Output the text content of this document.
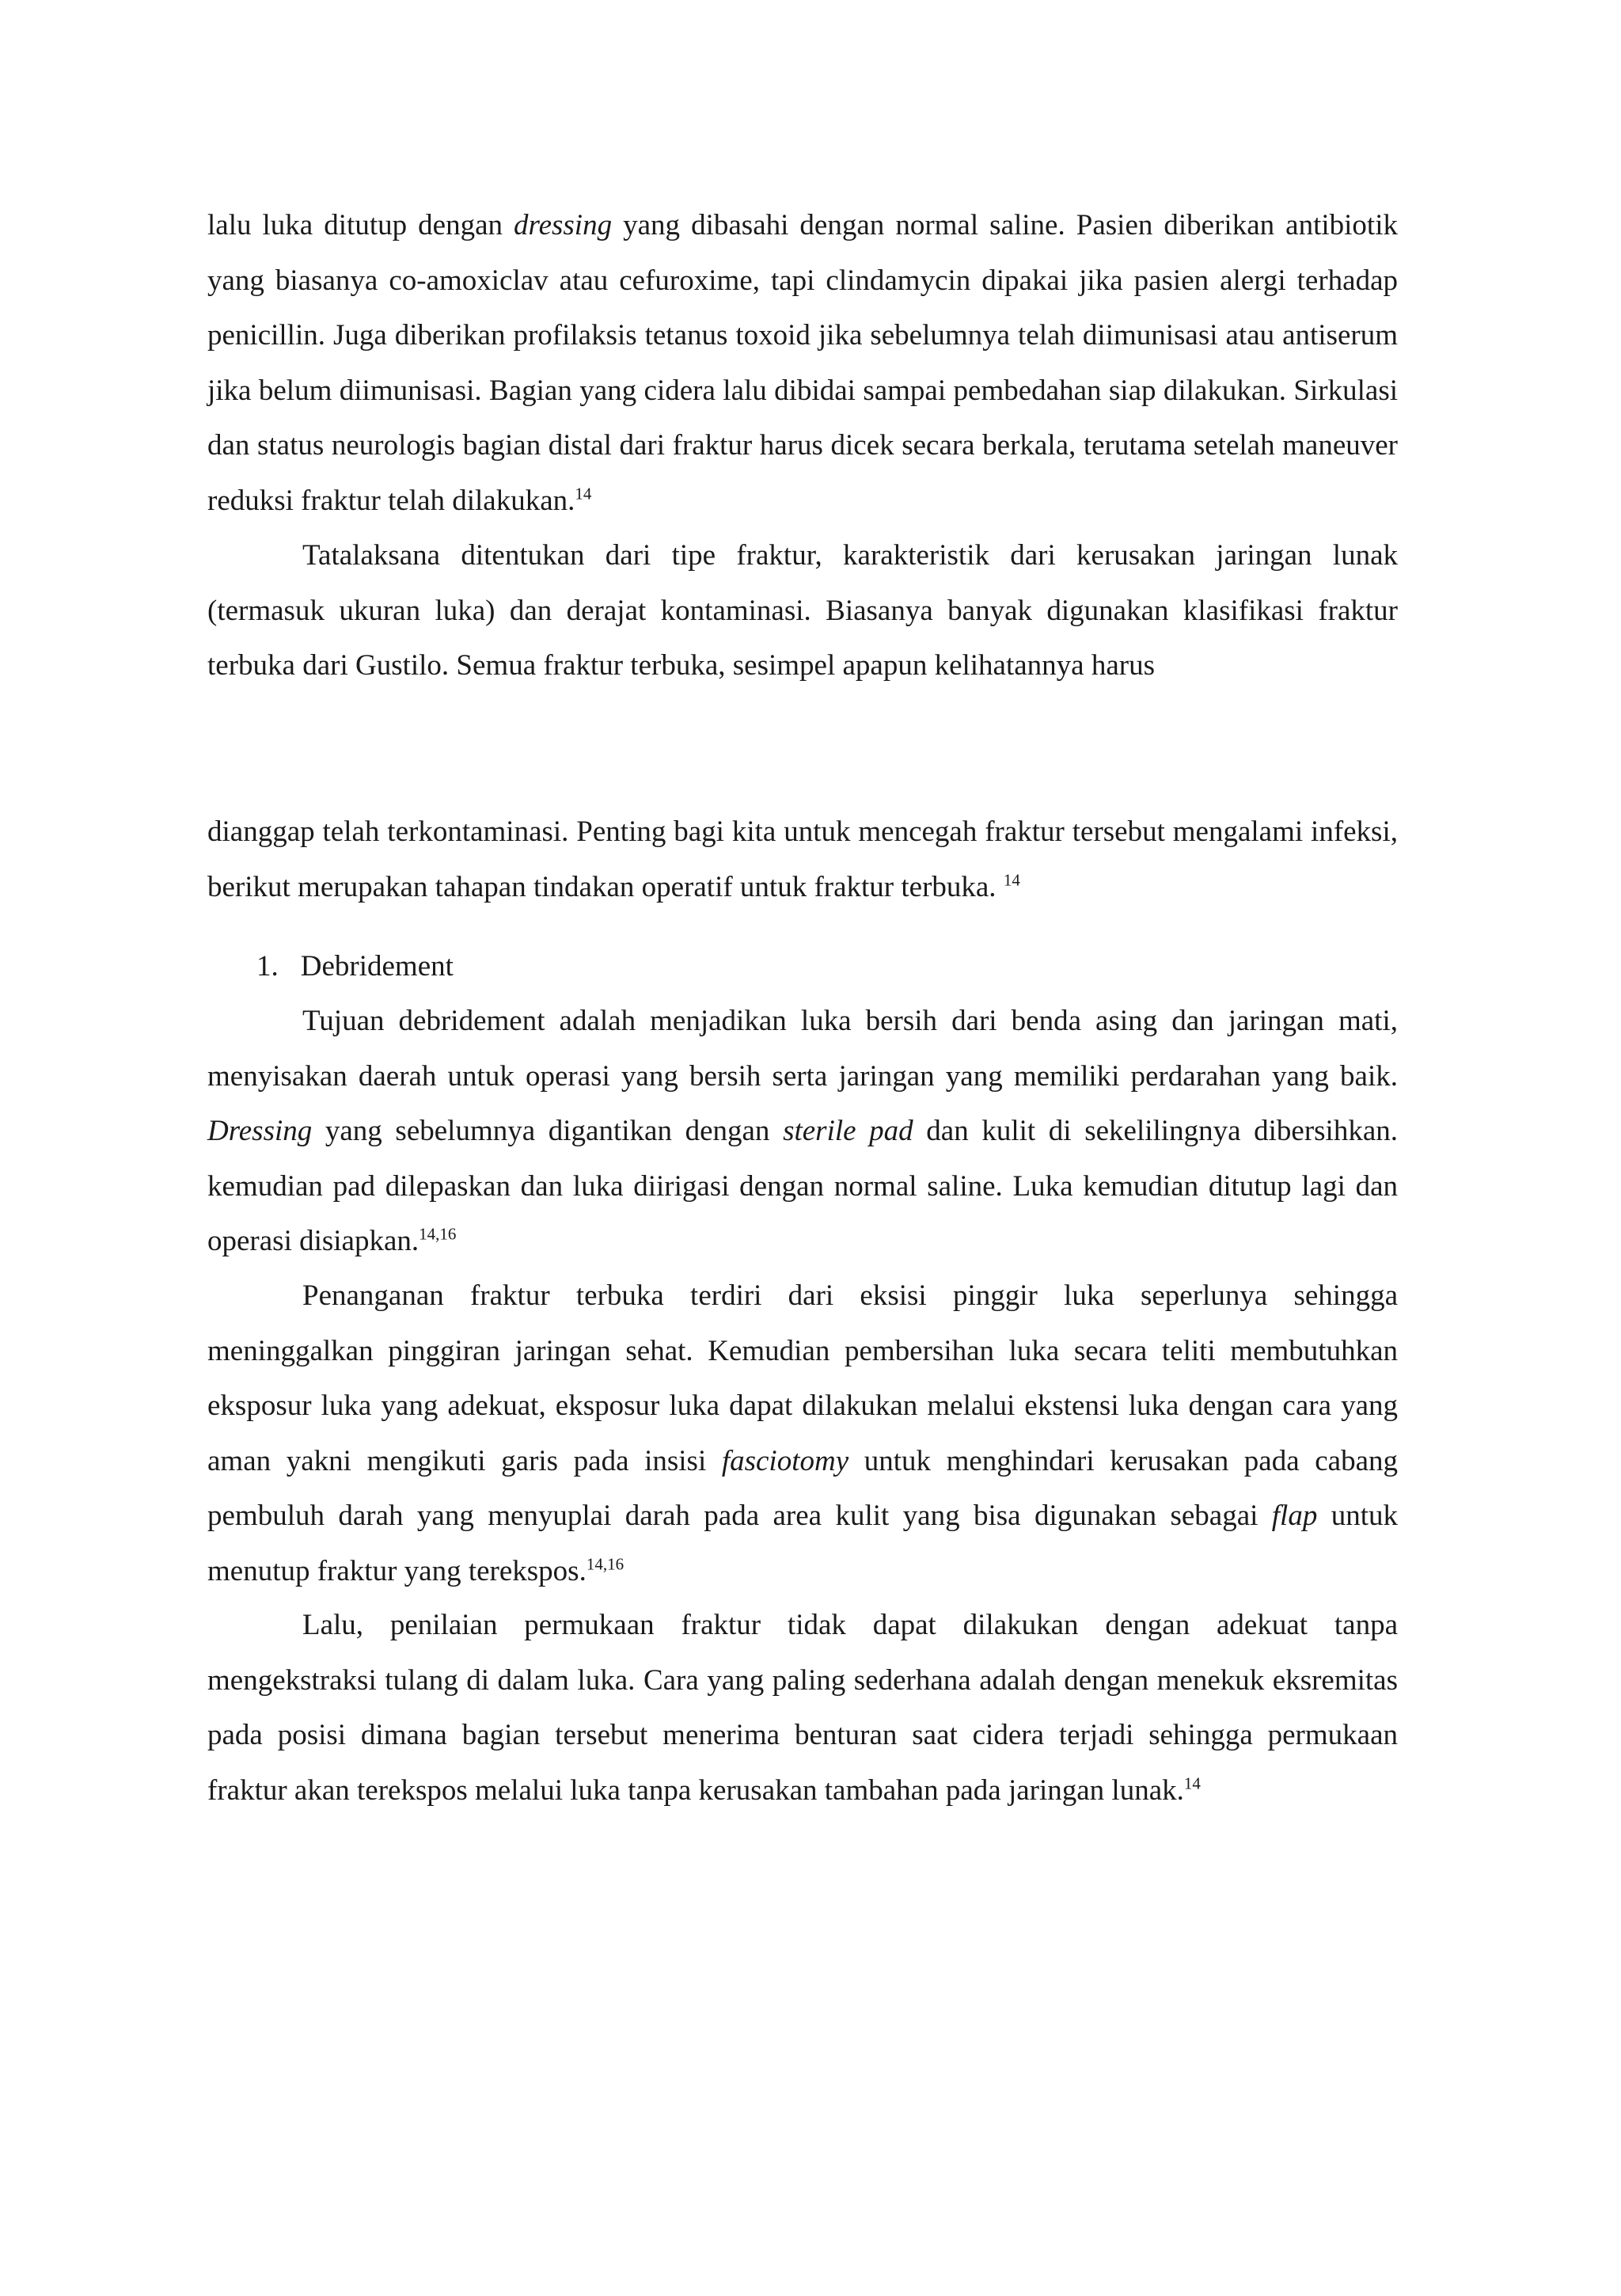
lalu luka ditutup dengan dressing yang dibasahi dengan normal saline. Pasien diberikan antibiotik yang biasanya co-amoxiclav atau cefuroxime, tapi clindamycin dipakai jika pasien alergi terhadap penicillin. Juga diberikan profilaksis tetanus toxoid jika sebelumnya telah diimunisasi atau antiserum jika belum diimunisasi. Bagian yang cidera lalu dibidai sampai pembedahan siap dilakukan. Sirkulasi dan status neurologis bagian distal dari fraktur harus dicek secara berkala, terutama setelah maneuver reduksi fraktur telah dilakukan.$^{14}$

Tatalaksana ditentukan dari tipe fraktur, karakteristik dari kerusakan jaringan lunak (termasuk ukuran luka) dan derajat kontaminasi. Biasanya banyak digunakan klasifikasi fraktur terbuka dari Gustilo. Semua fraktur terbuka, sesimpel apapun kelihatannya harus

dianggap telah terkontaminasi. Penting bagi kita untuk mencegah fraktur tersebut mengalami infeksi, berikut merupakan tahapan tindakan operatif untuk fraktur terbuka. $^{14}$

1. Debridement

Tujuan debridement adalah menjadikan luka bersih dari benda asing dan jaringan mati, menyisakan daerah untuk operasi yang bersih serta jaringan yang memiliki perdarahan yang baik. Dressing yang sebelumnya digantikan dengan sterile pad dan kulit di sekelilingnya dibersihkan. kemudian pad dilepaskan dan luka diirigasi dengan normal saline. Luka kemudian ditutup lagi dan operasi disiapkan.$^{14,16}$

Penanganan fraktur terbuka terdiri dari eksisi pinggir luka seperlunya sehingga meninggalkan pinggiran jaringan sehat. Kemudian pembersihan luka secara teliti membutuhkan eksposur luka yang adekuat, eksposur luka dapat dilakukan melalui ekstensi luka dengan cara yang aman yakni mengikuti garis pada insisi fasciotomy untuk menghindari kerusakan pada cabang pembuluh darah yang menyuplai darah pada area kulit yang bisa digunakan sebagai flap untuk menutup fraktur yang terekspos.$^{14,16}$

Lalu, penilaian permukaan fraktur tidak dapat dilakukan dengan adekuat tanpa mengekstraksi tulang di dalam luka. Cara yang paling sederhana adalah dengan menekuk eksremitas pada posisi dimana bagian tersebut menerima benturan saat cidera terjadi sehingga permukaan fraktur akan terekspos melalui luka tanpa kerusakan tambahan pada jaringan lunak.$^{14}$
